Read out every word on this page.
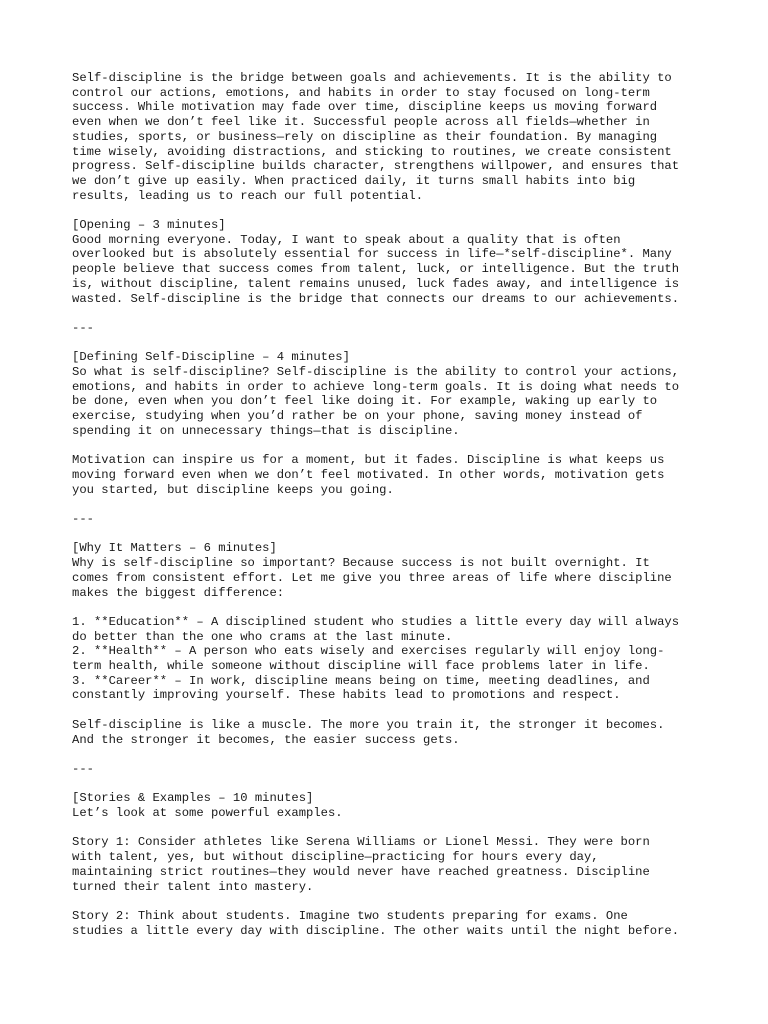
Self-discipline is the bridge between goals and achievements. It is the ability to
control our actions, emotions, and habits in order to stay focused on long-term
success. While motivation may fade over time, discipline keeps us moving forward
even when we don’t feel like it. Successful people across all fields—whether in
studies, sports, or business—rely on discipline as their foundation. By managing
time wisely, avoiding distractions, and sticking to routines, we create consistent
progress. Self-discipline builds character, strengthens willpower, and ensures that
we don’t give up easily. When practiced daily, it turns small habits into big
results, leading us to reach our full potential.

[Opening – 3 minutes]

Good morning everyone. Today, I want to speak about a quality that is often
overlooked but is absolutely essential for success in life—*self-discipline*. Many
people believe that success comes from talent, luck, or intelligence. But the truth
is, without discipline, talent remains unused, luck fades away, and intelligence is
wasted. Self-discipline is the bridge that connects our dreams to our achievements.

---

[Defining Self-Discipline – 4 minutes]

So what is self-discipline? Self-discipline is the ability to control your actions,
emotions, and habits in order to achieve long-term goals. It is doing what needs to
be done, even when you don’t feel like doing it. For example, waking up early to
exercise, studying when you’d rather be on your phone, saving money instead of
spending it on unnecessary things—that is discipline.

Motivation can inspire us for a moment, but it fades. Discipline is what keeps us
moving forward even when we don’t feel motivated. In other words, motivation gets
you started, but discipline keeps you going.

---

[Why It Matters – 6 minutes]

Why is self-discipline so important? Because success is not built overnight. It
comes from consistent effort. Let me give you three areas of life where discipline
makes the biggest difference:

1. **Education** – A disciplined student who studies a little every day will always
do better than the one who crams at the last minute.

2. **Health** – A person who eats wisely and exercises regularly will enjoy long-
term health, while someone without discipline will face problems later in life.

3. **Career** – In work, discipline means being on time, meeting deadlines, and
constantly improving yourself. These habits lead to promotions and respect.

Self-discipline is like a muscle. The more you train it, the stronger it becomes.
And the stronger it becomes, the easier success gets.

---

[Stories & Examples – 10 minutes]

Let’s look at some powerful examples.

Story 1: Consider athletes like Serena Williams or Lionel Messi. They were born
with talent, yes, but without discipline—practicing for hours every day,
maintaining strict routines—they would never have reached greatness. Discipline
turned their talent into mastery.

Story 2: Think about students. Imagine two students preparing for exams. One
studies a little every day with discipline. The other waits until the night before.
